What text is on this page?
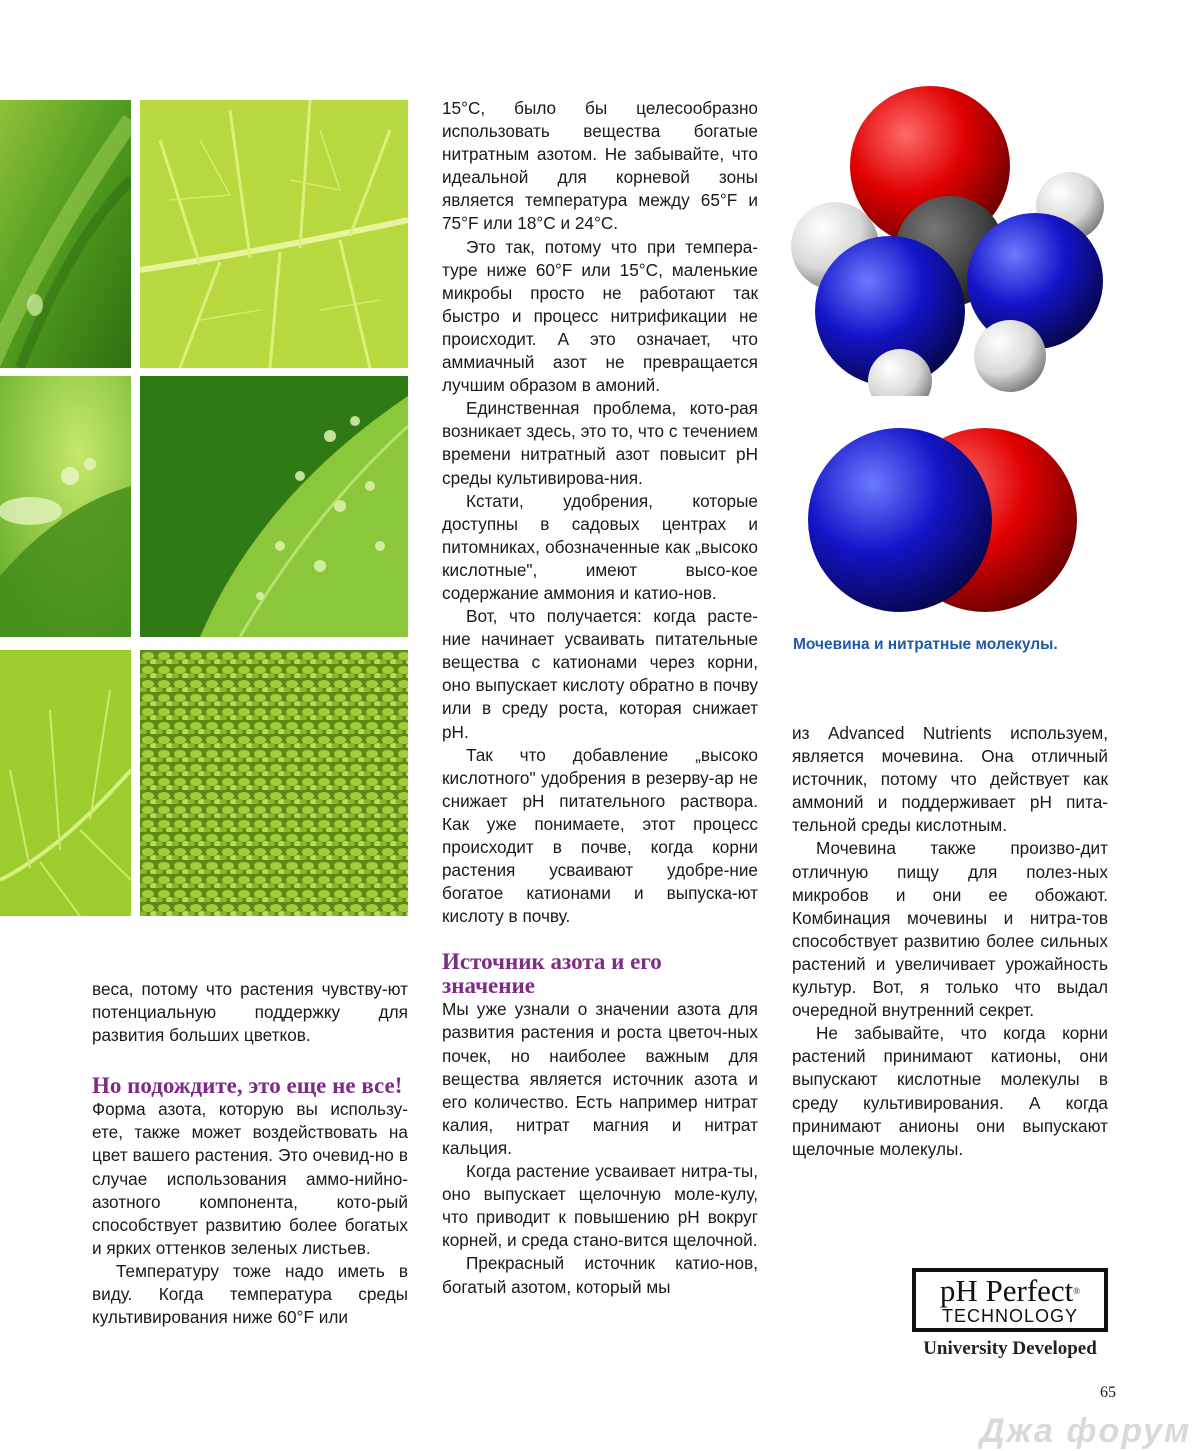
Мочевина и нитратные молекулы.

веса, потому что растения чувству-ют потенциальную поддержку для развития больших цветков.

Но подождите, это еще не все!

Форма азота, которую вы использу-ете, также может воздействовать на цвет вашего растения. Это очевид-но в случае использования аммо-нийно-азотного компонента, кото-рый способствует развитию более богатых и ярких оттенков зеленых листьев.

Температуру тоже надо иметь в виду. Когда температура среды культивирования ниже 60°F или

15°C, было бы целесообразно использовать вещества богатые нитратным азотом. Не забывайте, что идеальной для корневой зоны является температура между 65°F и 75°F или 18°C и 24°C.

Это так, потому что при темпера-туре ниже 60°F или 15°C, маленькие микробы просто не работают так быстро и процесс нитрификации не происходит. А это означает, что аммиачный азот не превращается лучшим образом в амоний.

Единственная проблема, кото-рая возникает здесь, это то, что с течением времени нитратный азот повысит pH среды культивирова-ния.

Кстати, удобрения, которые доступны в садовых центрах и питомниках, обозначенные как „высоко кислотные", имеют высо-кое содержание аммония и катио-нов.

Вот, что получается: когда расте-ние начинает усваивать питательные вещества с катионами через корни, оно выпускает кислоту обратно в почву или в среду роста, которая снижает pH.

Так что добавление „высоко кислотного" удобрения в резерву-ар не снижает pH питательного раствора. Как уже понимаете, этот процесс происходит в почве, когда корни растения усваивают удобре-ние богатое катионами и выпуска-ют кислоту в почву.

Источник азота и его значение

Мы уже узнали о значении азота для развития растения и роста цветоч-ных почек, но наиболее важным для вещества является источник азота и его количество. Есть например нитрат калия, нитрат магния и нитрат кальция.

Когда растение усваивает нитра-ты, оно выпускает щелочную моле-кулу, что приводит к повышению pH вокруг корней, и среда стано-вится щелочной.

Прекрасный источник катио-нов, богатый азотом, который мы

из Advanced Nutrients используем, является мочевина. Она отличный источник, потому что действует как аммоний и поддерживает pH пита-тельной среды кислотным.

Мочевина также произво-дит отличную пищу для полез-ных микробов и они ее обожают. Комбинация мочевины и нитра-тов способствует развитию более сильных растений и увеличивает урожайность культур. Вот, я только что выдал очередной внутренний секрет.

Не забывайте, что когда корни растений принимают катионы, они выпускают кислотные молекулы в среду культивирования. А когда принимают анионы они выпускают щелочные молекулы.

pH Perfect®
TECHNOLOGY
University Developed
65
Джа форум
